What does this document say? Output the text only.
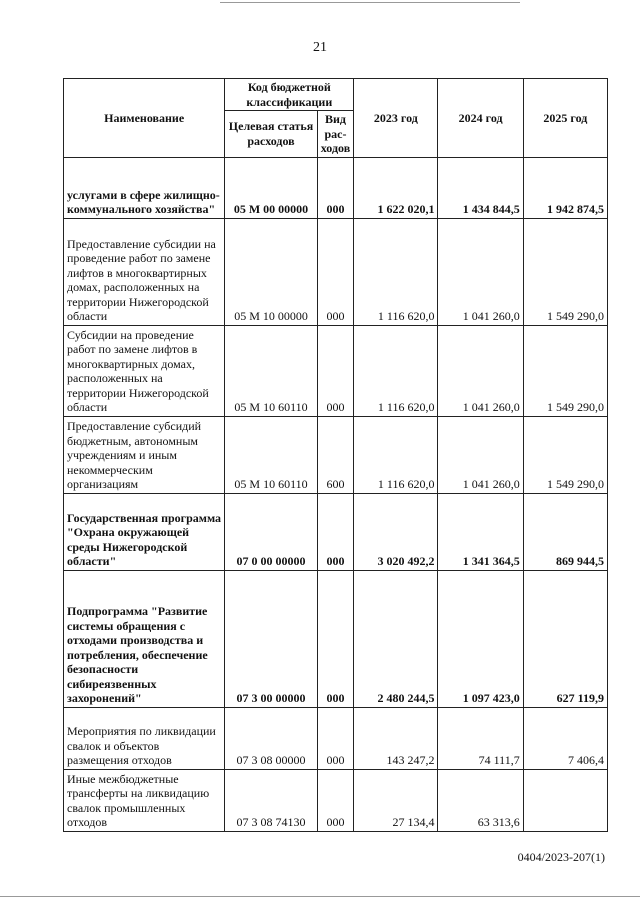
21
Наименование	Код бюджетной классификации		2023 год	2024 год	2025 год
	Целевая статья расходов	Вид рас-ходов			
услугами в сфере жилищно-коммунального хозяйства"	05 М 00 00000	000	1 622 020,1	1 434 844,5	1 942 874,5
Предоставление субсидии на проведение работ по замене лифтов в многоквартирных домах, расположенных на территории Нижегородской области	05 М 10 00000	000	1 116 620,0	1 041 260,0	1 549 290,0
Субсидии на проведение работ по замене лифтов в многоквартирных домах, расположенных на территории Нижегородской области	05 М 10 60110	000	1 116 620,0	1 041 260,0	1 549 290,0
Предоставление субсидий бюджетным, автономным учреждениям и иным некоммерческим организациям	05 М 10 60110	600	1 116 620,0	1 041 260,0	1 549 290,0
Государственная программа "Охрана окружающей среды Нижегородской области"	07 0 00 00000	000	3 020 492,2	1 341 364,5	869 944,5
Подпрограмма "Развитие системы обращения с отходами производства и потребления, обеспечение безопасности сибиреязвенных захоронений"	07 3 00 00000	000	2 480 244,5	1 097 423,0	627 119,9
Мероприятия по ликвидации свалок и объектов размещения отходов	07 3 08 00000	000	143 247,2	74 111,7	7 406,4
Иные межбюджетные трансферты на ликвидацию свалок промышленных отходов	07 3 08 74130	000	27 134,4	63 313,6	
0404/2023-207(1)
